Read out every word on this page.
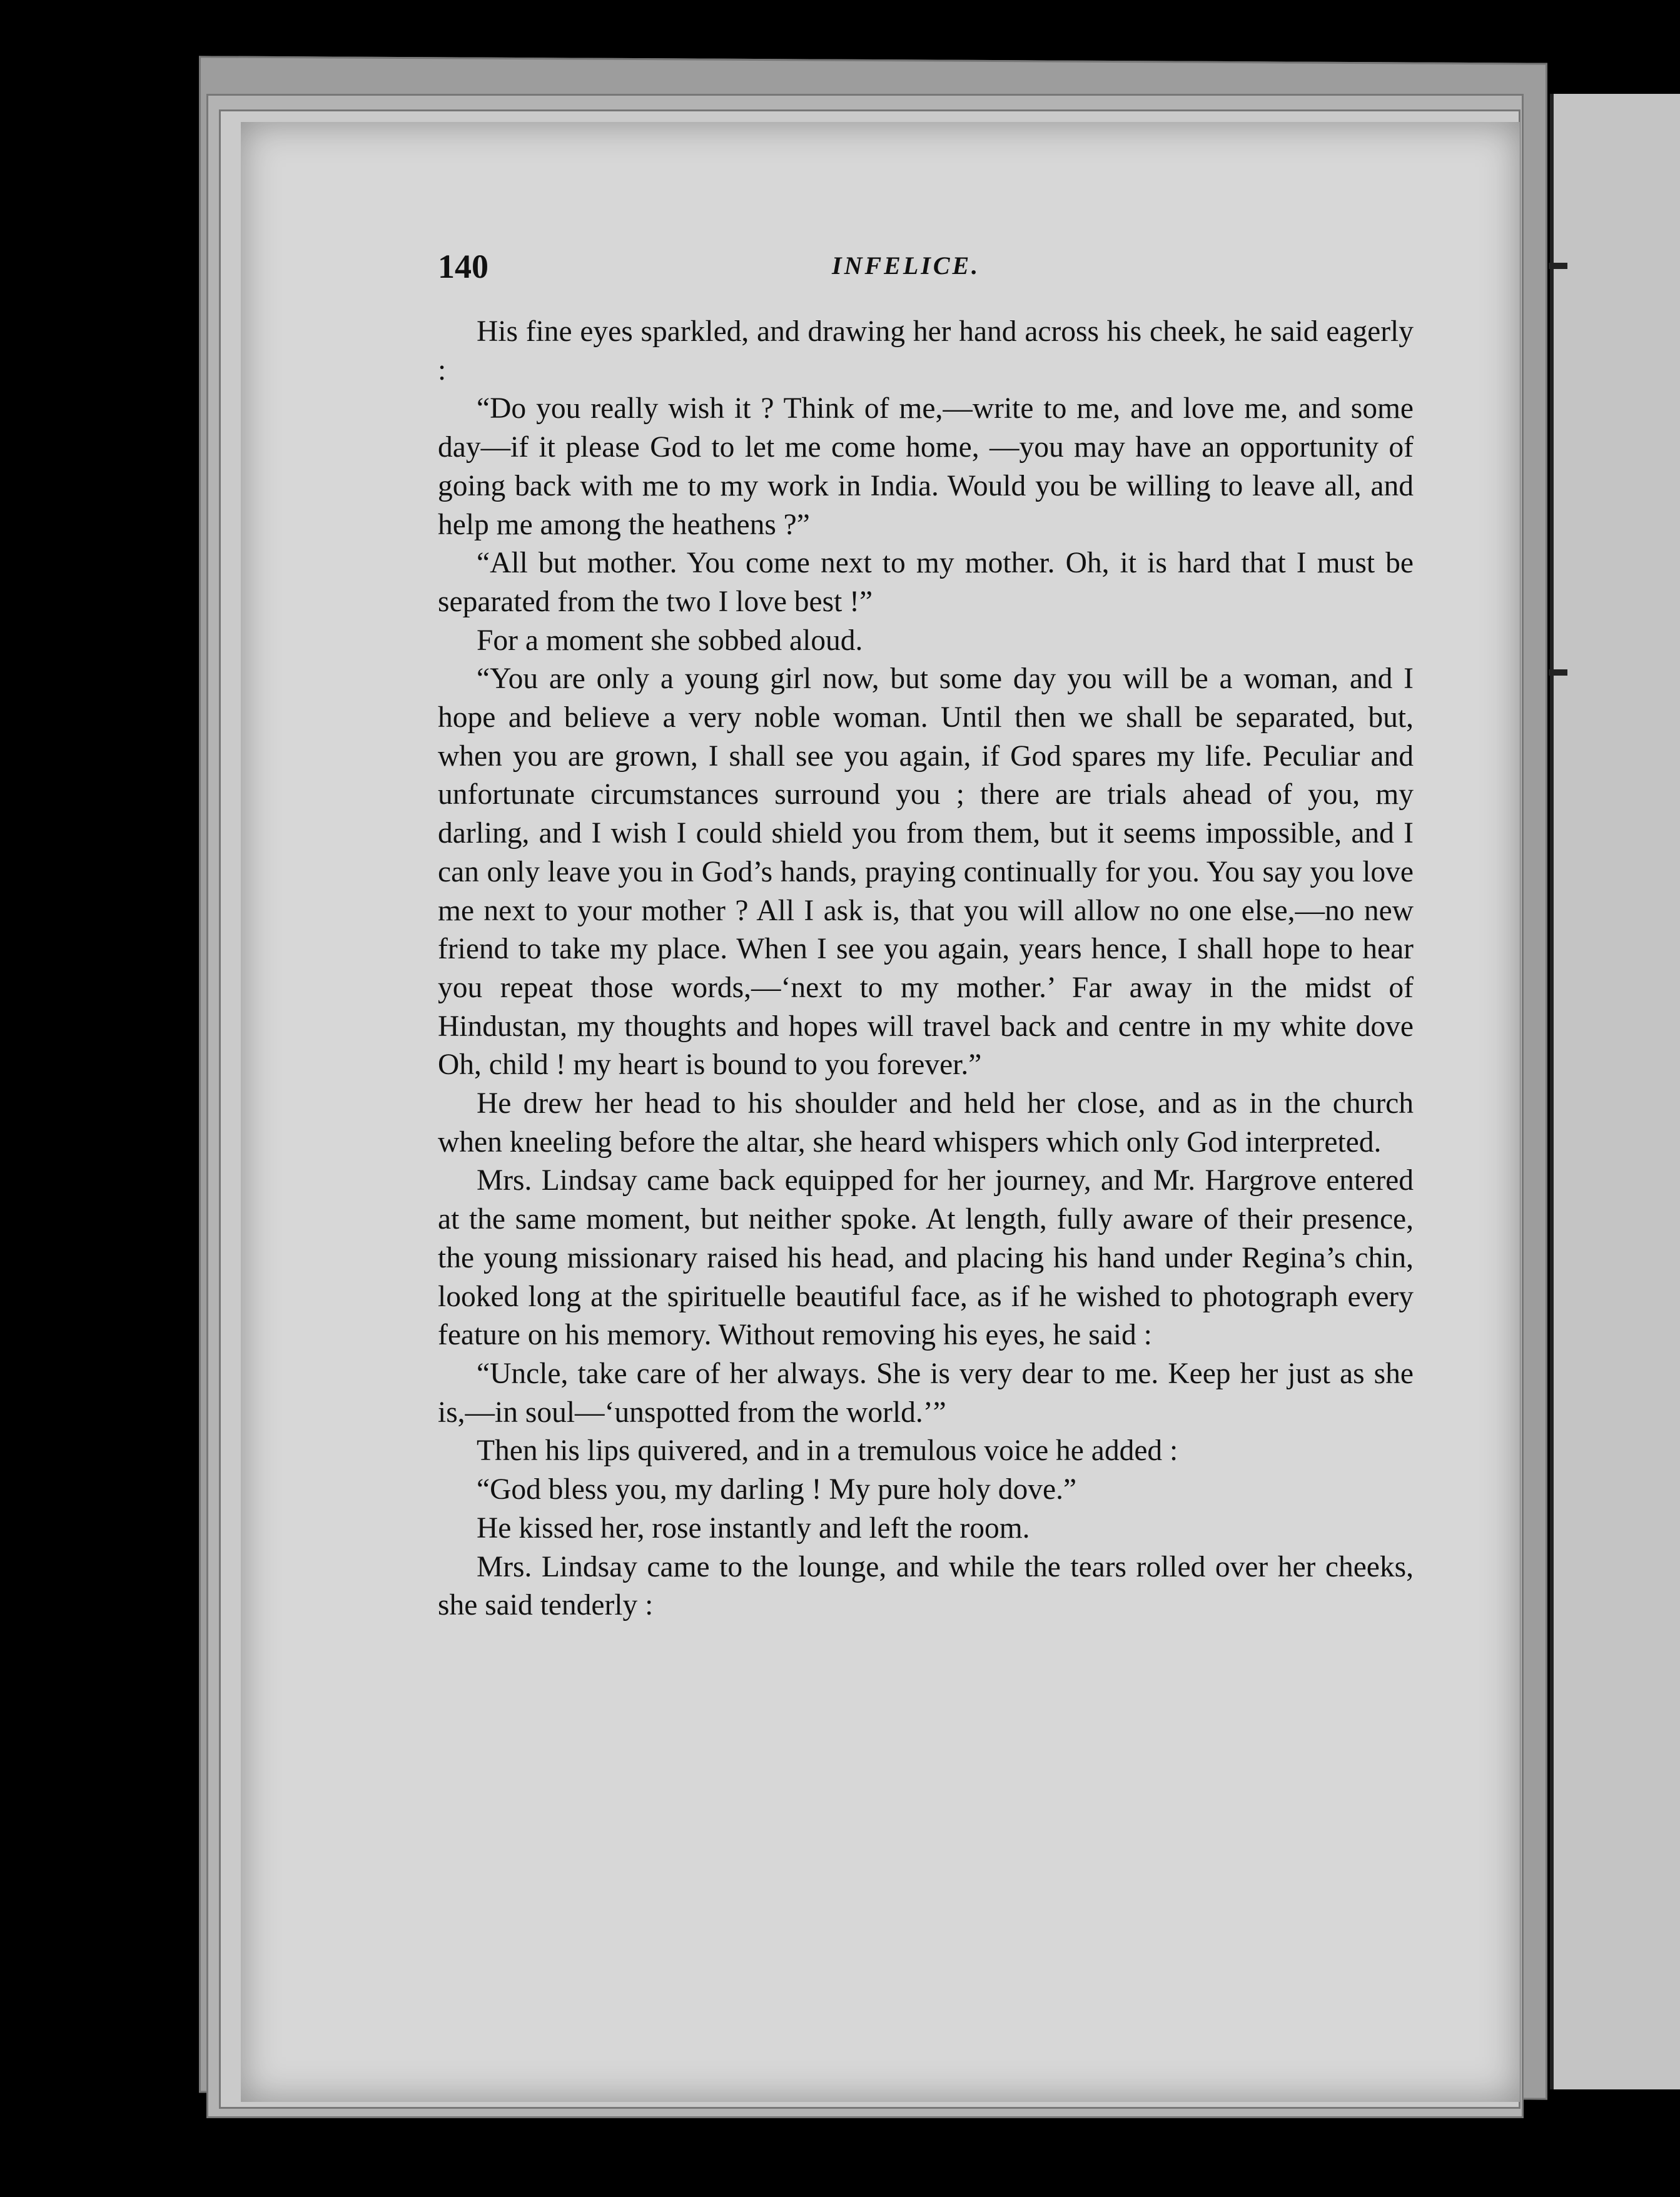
140	INFELICE.

His fine eyes sparkled, and drawing her hand across his cheek, he said eagerly :

“Do you really wish it ? Think of me,—write to me, and love me, and some day—if it please God to let me come home, —you may have an opportunity of going back with me to my work in India. Would you be willing to leave all, and help me among the heathens ?”

“All but mother. You come next to my mother. Oh, it is hard that I must be separated from the two I love best !”

For a moment she sobbed aloud.

“You are only a young girl now, but some day you will be a woman, and I hope and believe a very noble woman. Until then we shall be separated, but, when you are grown, I shall see you again, if God spares my life. Peculiar and unfortunate circumstances surround you ; there are trials ahead of you, my darling, and I wish I could shield you from them, but it seems impossible, and I can only leave you in God’s hands, praying continually for you. You say you love me next to your mother ? All I ask is, that you will allow no one else,—no new friend to take my place. When I see you again, years hence, I shall hope to hear you repeat those words,—‘next to my mother.’ Far away in the midst of Hindustan, my thoughts and hopes will travel back and centre in my white dove Oh, child ! my heart is bound to you forever.”

He drew her head to his shoulder and held her close, and as in the church when kneeling before the altar, she heard whispers which only God interpreted.

Mrs. Lindsay came back equipped for her journey, and Mr. Hargrove entered at the same moment, but neither spoke. At length, fully aware of their presence, the young missionary raised his head, and placing his hand under Regina’s chin, looked long at the spirituelle beautiful face, as if he wished to photograph every feature on his memory. Without removing his eyes, he said :

“Uncle, take care of her always. She is very dear to me. Keep her just as she is,—in soul—‘unspotted from the world.’”

Then his lips quivered, and in a tremulous voice he added :

“God bless you, my darling ! My pure holy dove.”

He kissed her, rose instantly and left the room.

Mrs. Lindsay came to the lounge, and while the tears rolled over her cheeks, she said tenderly :
